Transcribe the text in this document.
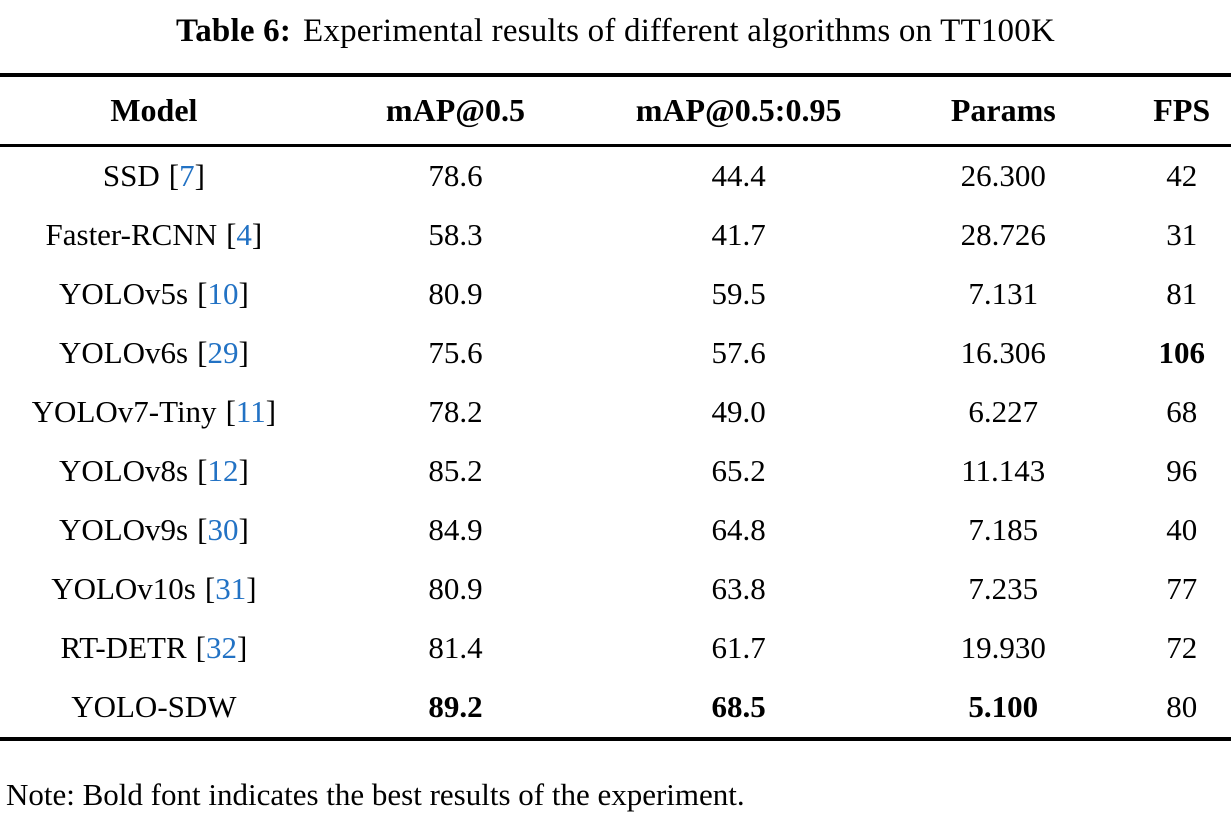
Table 6: Experimental results of different algorithms on TT100K
Model	mAP@0.5	mAP@0.5:0.95	Params	FPS
SSD [7]	78.6	44.4	26.300	42
Faster-RCNN [4]	58.3	41.7	28.726	31
YOLOv5s [10]	80.9	59.5	7.131	81
YOLOv6s [29]	75.6	57.6	16.306	106
YOLOv7-Tiny [11]	78.2	49.0	6.227	68
YOLOv8s [12]	85.2	65.2	11.143	96
YOLOv9s [30]	84.9	64.8	7.185	40
YOLOv10s [31]	80.9	63.8	7.235	77
RT-DETR [32]	81.4	61.7	19.930	72
YOLO-SDW	89.2	68.5	5.100	80
Note: Bold font indicates the best results of the experiment.
